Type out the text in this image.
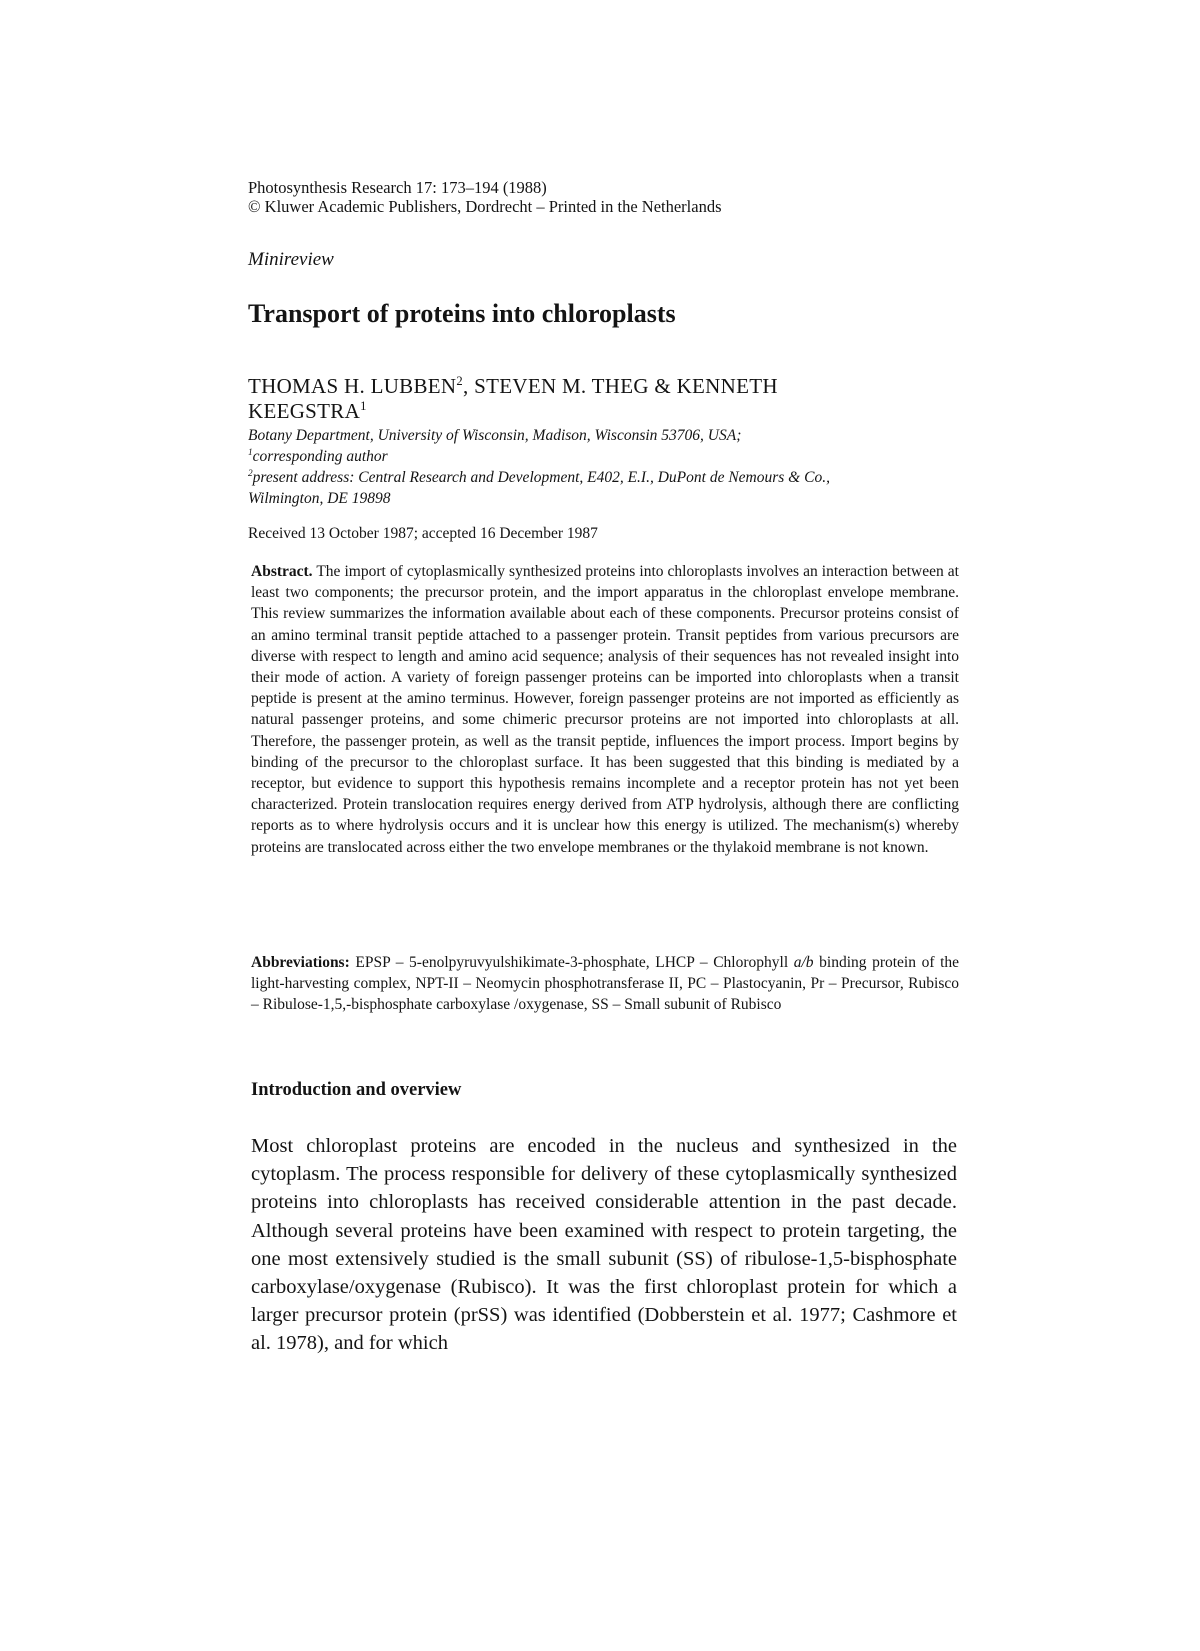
Photosynthesis Research 17: 173–194 (1988)
© Kluwer Academic Publishers, Dordrecht – Printed in the Netherlands
Minireview
Transport of proteins into chloroplasts
THOMAS H. LUBBEN$^2$, STEVEN M. THEG & KENNETH KEEGSTRA$^1$
Botany Department, University of Wisconsin, Madison, Wisconsin 53706, USA;
$^1$corresponding author
$^2$present address: Central Research and Development, E402, E.I., DuPont de Nemours & Co., Wilmington, DE 19898
Received 13 October 1987; accepted 16 December 1987
Abstract. The import of cytoplasmically synthesized proteins into chloroplasts involves an interaction between at least two components; the precursor protein, and the import apparatus in the chloroplast envelope membrane. This review summarizes the information available about each of these components. Precursor proteins consist of an amino terminal transit peptide attached to a passenger protein. Transit peptides from various precursors are diverse with respect to length and amino acid sequence; analysis of their sequences has not revealed insight into their mode of action. A variety of foreign passenger proteins can be imported into chloroplasts when a transit peptide is present at the amino terminus. However, foreign passenger proteins are not imported as efficiently as natural passenger proteins, and some chimeric precursor proteins are not imported into chloroplasts at all. Therefore, the passenger protein, as well as the transit peptide, influences the import process. Import begins by binding of the precursor to the chloroplast surface. It has been suggested that this binding is mediated by a receptor, but evidence to support this hypothesis remains incomplete and a receptor protein has not yet been characterized. Protein translocation requires energy derived from ATP hydrolysis, although there are conflicting reports as to where hydrolysis occurs and it is unclear how this energy is utilized. The mechanism(s) whereby proteins are translocated across either the two envelope membranes or the thylakoid membrane is not known.
Abbreviations: EPSP – 5-enolpyruvyulshikimate-3-phosphate, LHCP – Chlorophyll a/b binding protein of the light-harvesting complex, NPT-II – Neomycin phosphotransferase II, PC – Plastocyanin, Pr – Precursor, Rubisco – Ribulose-1,5,-bisphosphate carboxylase /oxygenase, SS – Small subunit of Rubisco
Introduction and overview
Most chloroplast proteins are encoded in the nucleus and synthesized in the cytoplasm. The process responsible for delivery of these cytoplasmically synthesized proteins into chloroplasts has received considerable attention in the past decade. Although several proteins have been examined with respect to protein targeting, the one most extensively studied is the small subunit (SS) of ribulose-1,5-bisphosphate carboxylase/oxygenase (Rubisco). It was the first chloroplast protein for which a larger precursor protein (prSS) was identified (Dobberstein et al. 1977; Cashmore et al. 1978), and for which
